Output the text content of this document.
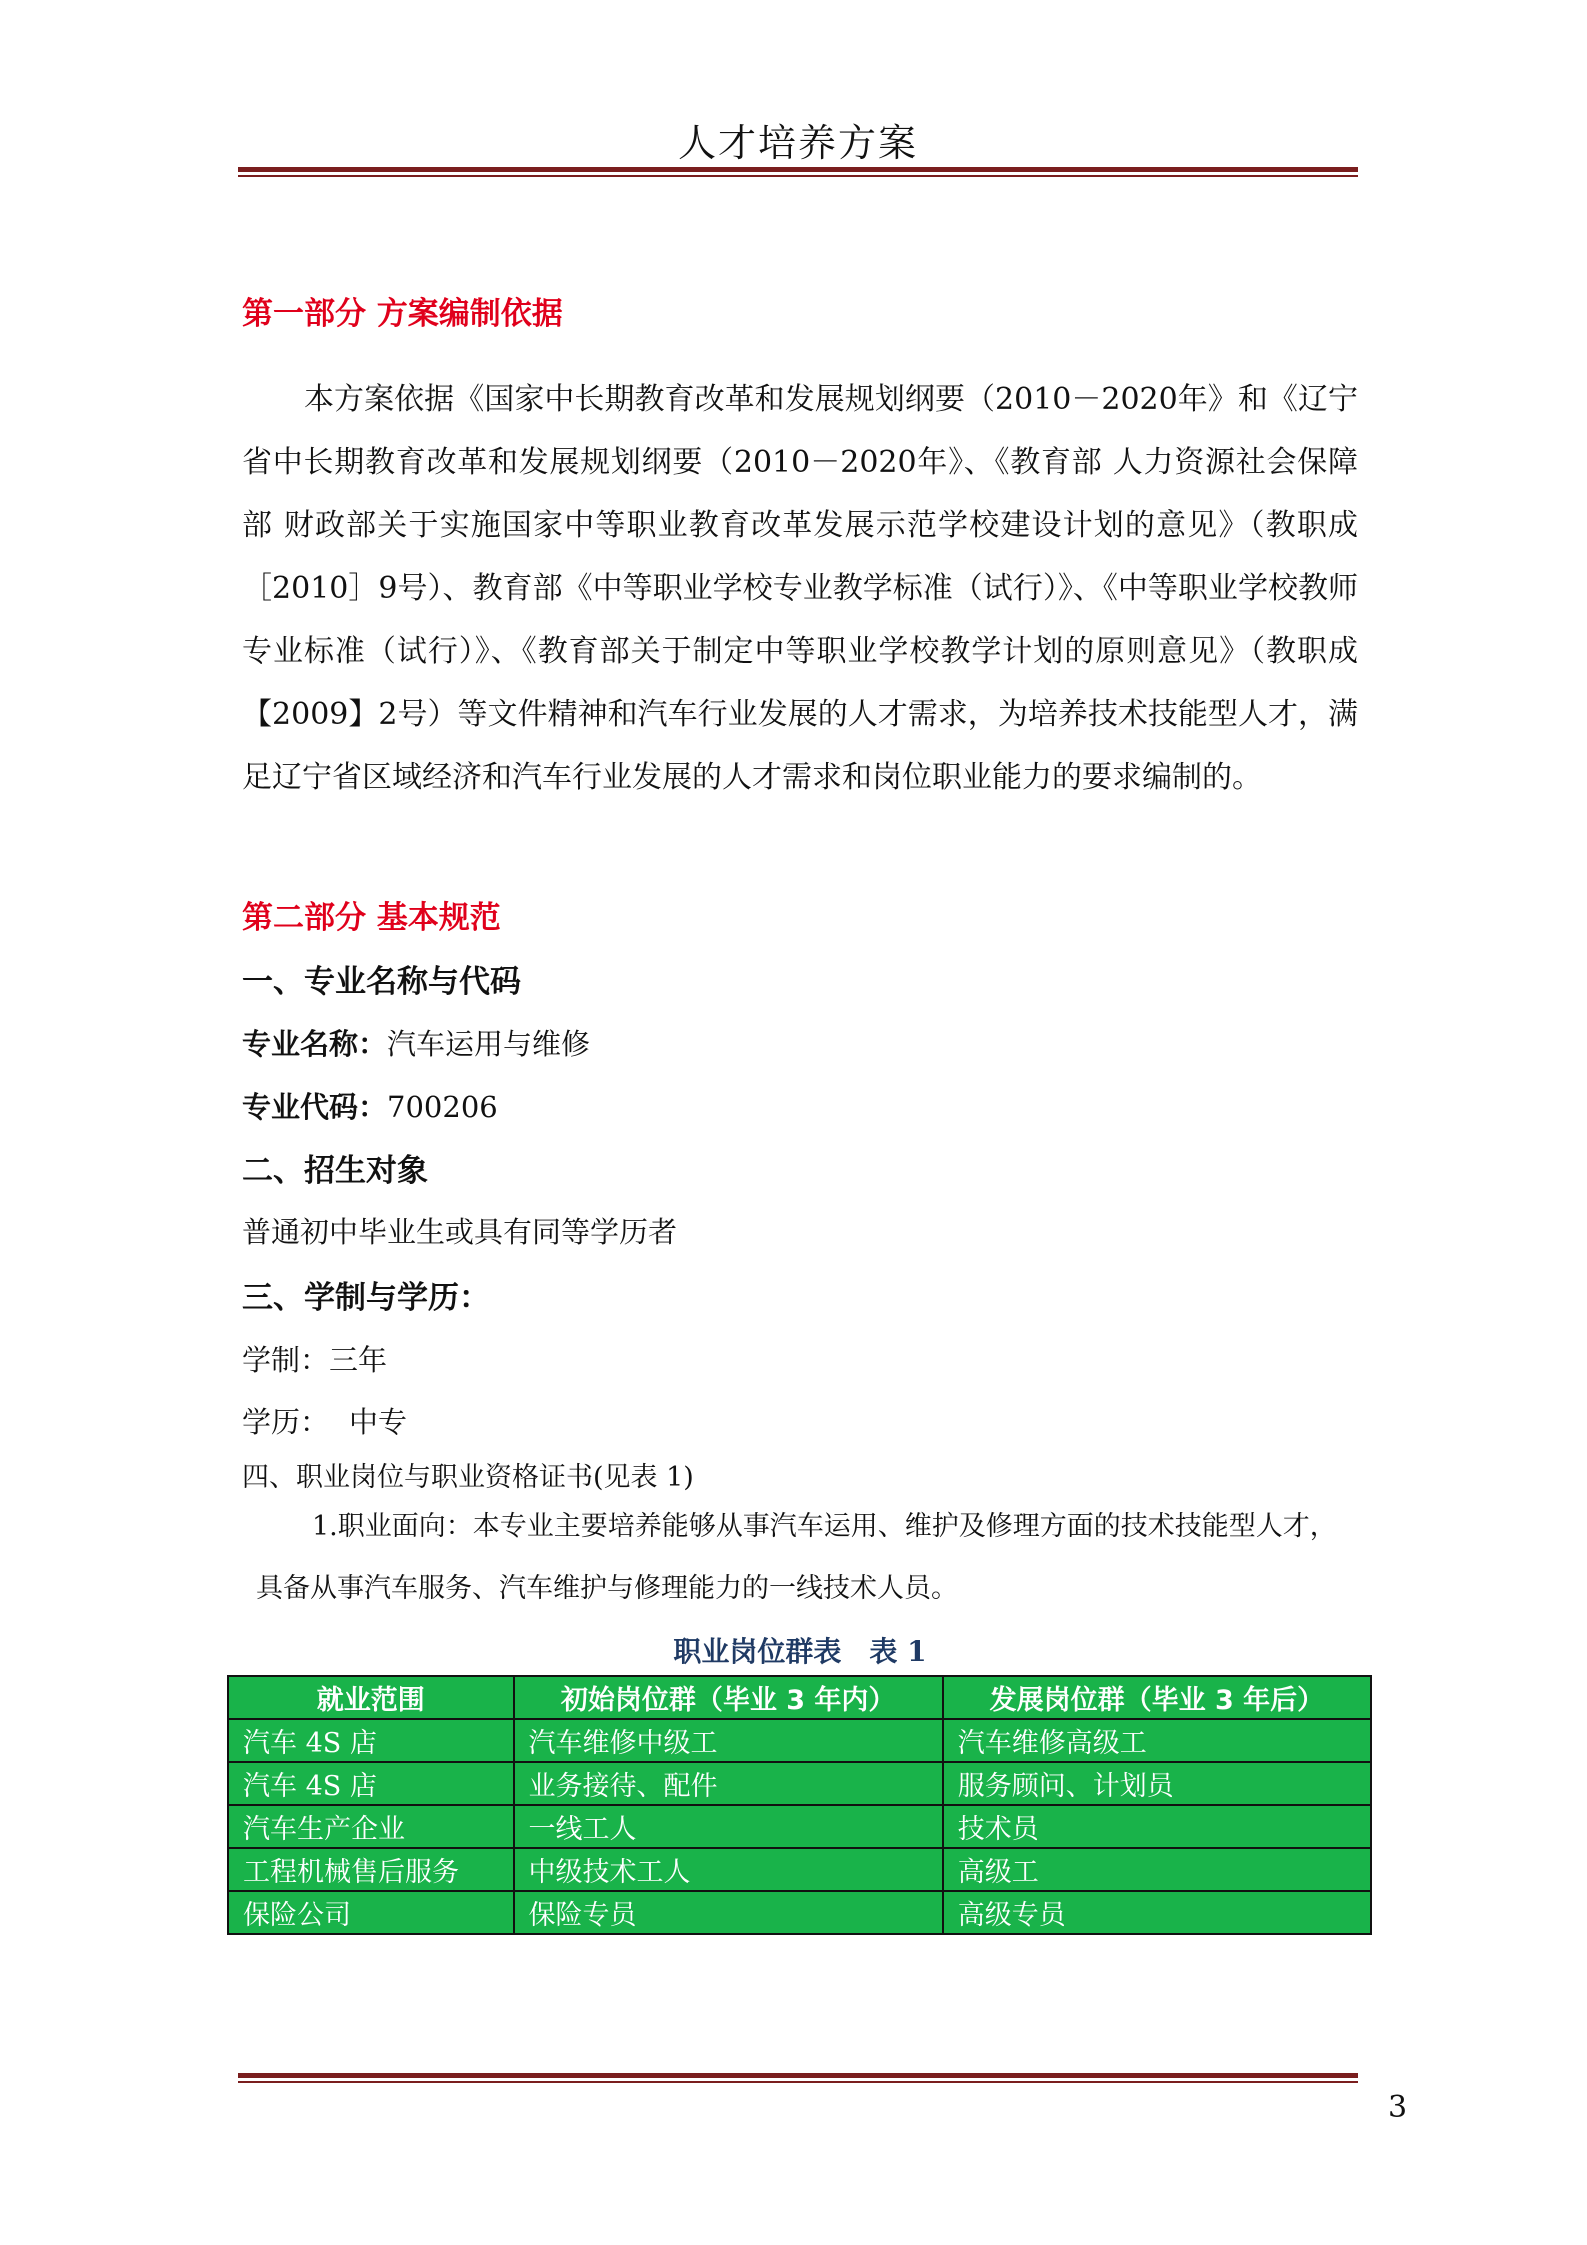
人才培养方案
第一部分 方案编制依据
本方案依据《国家中长期教育改革和发展规划纲要（2010－2020年》和《辽宁省中长期教育改革和发展规划纲要（2010－2020年》、《教育部 人力资源社会保障部 财政部关于实施国家中等职业教育改革发展示范学校建设计划的意见》（教职成［2010］9号）、教育部《中等职业学校专业教学标准（试行）》、《中等职业学校教师专业标准（试行）》、《教育部关于制定中等职业学校教学计划的原则意见》（教职成【2009】2号）等文件精神和汽车行业发展的人才需求，为培养技术技能型人才，满足辽宁省区域经济和汽车行业发展的人才需求和岗位职业能力的要求编制的。
第二部分 基本规范
一、专业名称与代码
专业名称：汽车运用与维修
专业代码：700206
二、招生对象
普通初中毕业生或具有同等学历者
三、学制与学历：
学制：三年
学历： 中专
四、职业岗位与职业资格证书(见表 1)
1.职业面向：本专业主要培养能够从事汽车运用、维护及修理方面的技术技能型人才，
具备从事汽车服务、汽车维护与修理能力的一线技术人员。
职业岗位群表　表 1
就业范围	初始岗位群（毕业 3 年内）	发展岗位群（毕业 3 年后）
汽车 4S 店	汽车维修中级工	汽车维修高级工
汽车 4S 店	业务接待、配件	服务顾问、计划员
汽车生产企业	一线工人	技术员
工程机械售后服务	中级技术工人	高级工
保险公司	保险专员	高级专员
3
